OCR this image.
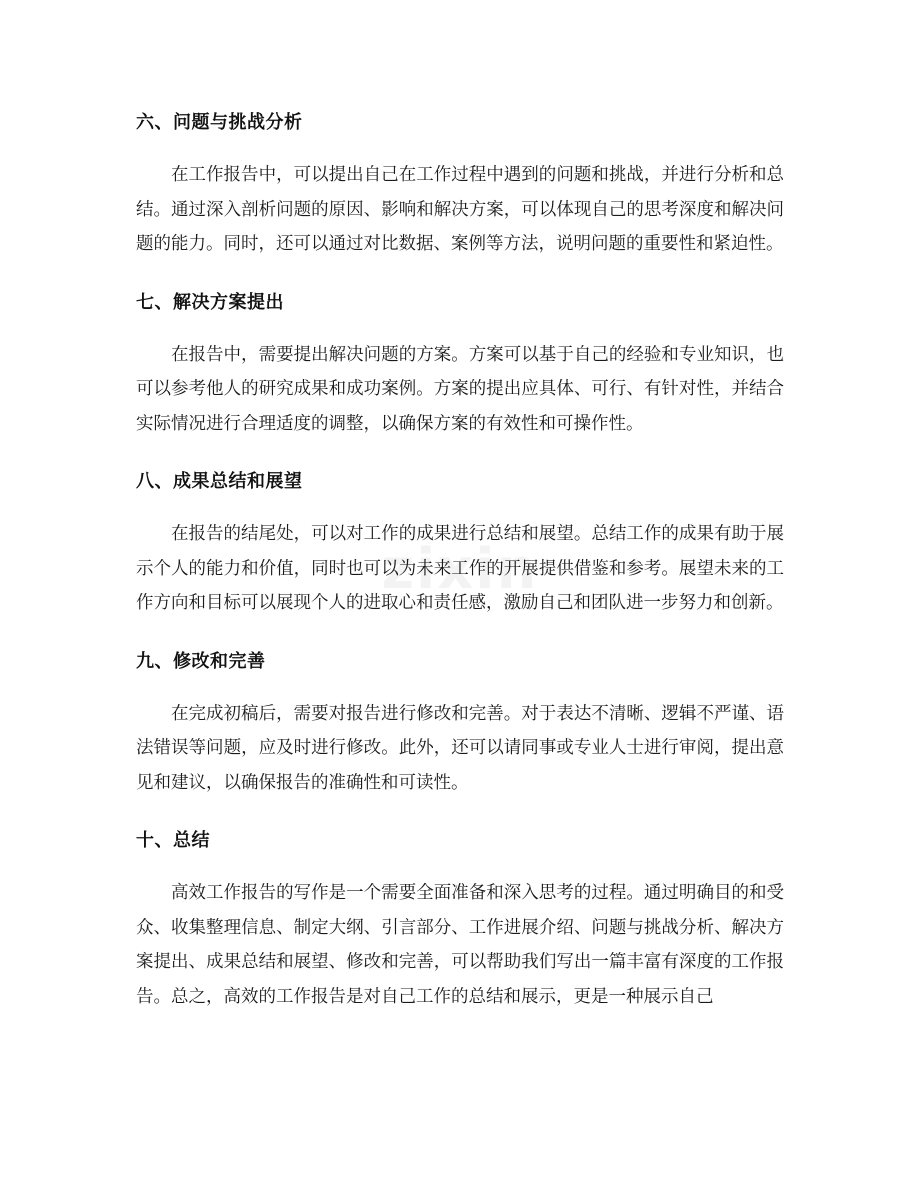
六、问题与挑战分析

在工作报告中，可以提出自己在工作过程中遇到的问题和挑战，并进行分析和总结。通过深入剖析问题的原因、影响和解决方案，可以体现自己的思考深度和解决问题的能力。同时，还可以通过对比数据、案例等方法，说明问题的重要性和紧迫性。

七、解决方案提出

在报告中，需要提出解决问题的方案。方案可以基于自己的经验和专业知识，也可以参考他人的研究成果和成功案例。方案的提出应具体、可行、有针对性，并结合实际情况进行合理适度的调整，以确保方案的有效性和可操作性。

八、成果总结和展望

在报告的结尾处，可以对工作的成果进行总结和展望。总结工作的成果有助于展示个人的能力和价值，同时也可以为未来工作的开展提供借鉴和参考。展望未来的工作方向和目标可以展现个人的进取心和责任感，激励自己和团队进一步努力和创新。

九、修改和完善

在完成初稿后，需要对报告进行修改和完善。对于表达不清晰、逻辑不严谨、语法错误等问题，应及时进行修改。此外，还可以请同事或专业人士进行审阅，提出意见和建议，以确保报告的准确性和可读性。

十、总结

高效工作报告的写作是一个需要全面准备和深入思考的过程。通过明确目的和受众、收集整理信息、制定大纲、引言部分、工作进展介绍、问题与挑战分析、解决方案提出、成果总结和展望、修改和完善，可以帮助我们写出一篇丰富有深度的工作报告。总之，高效的工作报告是对自己工作的总结和展示，更是一种展示自己
